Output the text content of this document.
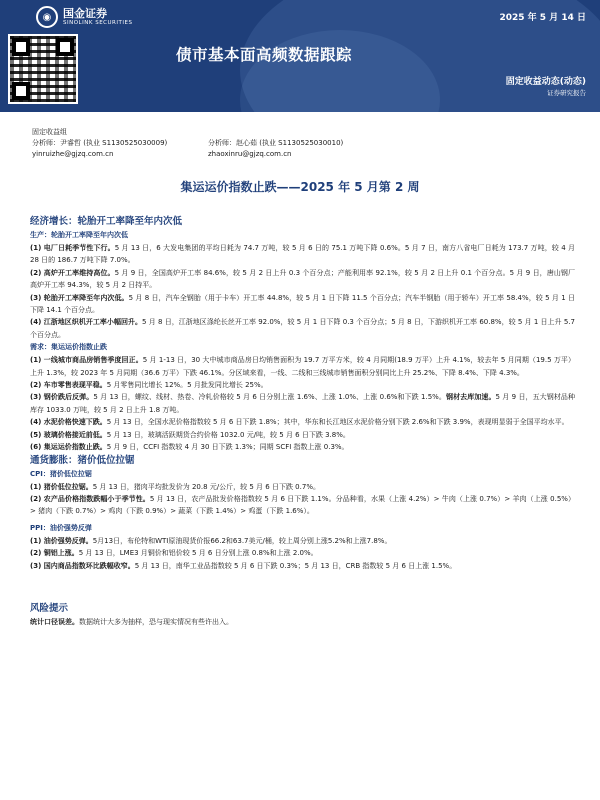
◉	国金证券
SINOLINK SECURITIES	2025 年 5 月 14 日
债市基本面高频数据跟踪
固定收益动态(动态)
证券研究报告
固定收益组
分析师：尹睿哲 (执业 S1130525030009)	分析师：赵心茹 (执业 S1130525030010)
yinruizhe@gjzq.com.cn	zhaoxinru@gjzq.com.cn
集运运价指数止跌——2025 年 5 月第 2 周
经济增长：轮胎开工率降至年内次低
生产：轮胎开工率降至年内次低
(1) 电厂日耗季节性下行。5 月 13 日，6 大发电集团的平均日耗为 74.7 万吨，较 5 月 6 日的 75.1 万吨下降 0.6%。5 月 7 日，南方八省电厂日耗为 173.7 万吨，较 4 月 28 日的 186.7 万吨下降 7.0%。
(2) 高炉开工率维持高位。5 月 9 日，全国高炉开工率 84.6%，较 5 月 2 日上升 0.3 个百分点；产能利用率 92.1%，较 5 月 2 日上升 0.1 个百分点。5 月 9 日，唐山钢厂高炉开工率 94.3%，较 5 月 2 日持平。
(3) 轮胎开工率降至年内次低。5 月 8 日，汽车全钢胎（用于卡车）开工率 44.8%，较 5 月 1 日下降 11.5 个百分点；汽车半钢胎（用于轿车）开工率 58.4%，较 5 月 1 日下降 14.1 个百分点。
(4) 江浙地区织机开工率小幅回升。5 月 8 日，江浙地区涤纶长丝开工率 92.0%，较 5 月 1 日下降 0.3 个百分点；5 月 8 日，下游织机开工率 60.8%，较 5 月 1 日上升 5.7 个百分点。
需求：集运运价指数止跌
(1) 一线城市商品房销售季度回正。5 月 1-13 日，30 大中城市商品房日均销售面积为 19.7 万平方米，较 4 月同期(18.9 万平）上升 4.1%，较去年 5 月同期（19.5 万平）上升 1.3%，较 2023 年 5 月同期（36.6 万平）下跌 46.1%。分区域来看，一线、二线和三线城市销售面积分别同比上升 25.2%、下降 8.4%、下降 4.3%。
(2) 车市零售表现平稳。5 月零售同比增长 12%。5 月批发同比增长 25%。
(3) 钢价跌后反弹。5 月 13 日，螺纹、线材、热卷、冷轧价格较 5 月 6 日分别上涨 1.6%、上涨 1.0%、上涨 0.6%和下跌 1.5%。钢材去库加速。5 月 9 日，五大钢材品种库存 1033.0 万吨，较 5 月 2 日上升 1.8 万吨。
(4) 水泥价格快速下跌。5 月 13 日，全国水泥价格指数较 5 月 6 日下跌 1.8%；其中，华东和长江地区水泥价格分别下跌 2.6%和下跌 3.9%，表现明显弱于全国平均水平。
(5) 玻璃价格接近前低。5 月 13 日，玻璃活跃期货合约价格 1032.0 元/吨，较 5 月 6 日下跌 3.8%。
(6) 集运运价指数止跌。5 月 9 日，CCFI 指数较 4 月 30 日下跌 1.3%；同期 SCFI 指数上涨 0.3%。
通货膨胀：猪价低位拉锯
CPI：猪价低位拉锯
(1) 猪价低位拉锯。5 月 13 日，猪肉平均批发价为 20.8 元/公斤，较 5 月 6 日下跌 0.7%。
(2) 农产品价格指数跌幅小于季节性。5 月 13 日，农产品批发价格指数较 5 月 6 日下跌 1.1%。分品种看，水果（上涨 4.2%）> 牛肉（上涨 0.7%）> 羊肉（上涨 0.5%）> 猪肉（下跌 0.7%）> 鸡肉（下跌 0.9%）> 蔬菜（下跌 1.4%）> 鸡蛋（下跌 1.6%）。
PPI：油价强势反弹
(1) 油价强势反弹。5月13日，布伦特和WTI原油现货价报66.2和63.7美元/桶，较上周分别上涨5.2%和上涨7.8%。
(2) 铜铝上涨。5 月 13 日，LME3 月铜价和铝价较 5 月 6 日分别上涨 0.8%和上涨 2.0%。
(3) 国内商品指数环比跌幅收窄。5 月 13 日，南华工业品指数较 5 月 6 日下跌 0.3%；5 月 13 日，CRB 指数较 5 月 6 日上涨 1.5%。
风险提示
统计口径误差。数据统计大多为抽样，恐与现实情况有些许出入。
